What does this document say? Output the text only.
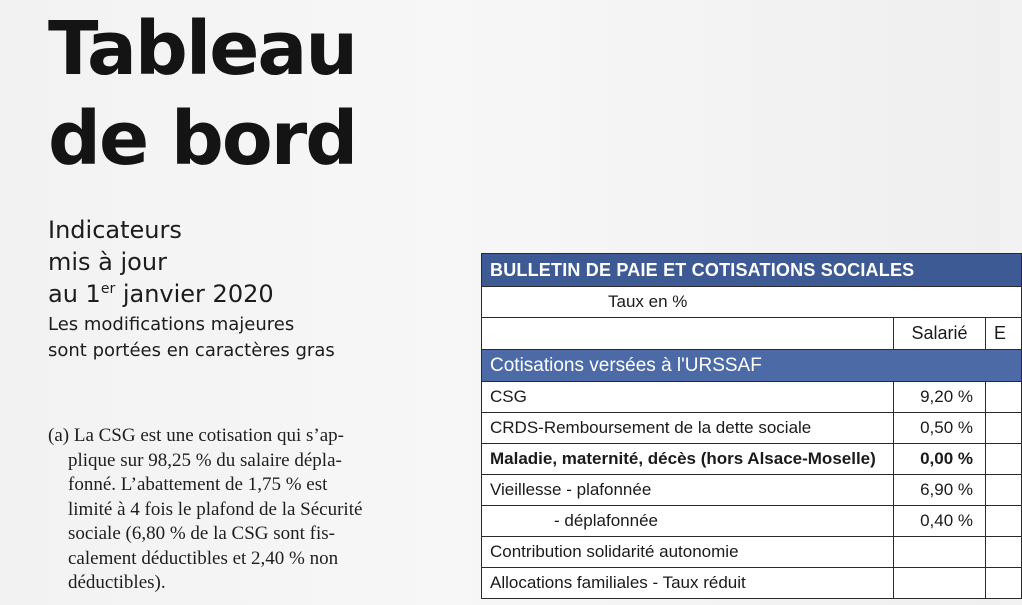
Tableau
de bord
Indicateurs
mis à jour
au 1er janvier 2020
Les modifications majeures
sont portées en caractères gras
(a) La CSG est une cotisation qui s’ap-
plique sur 98,25 % du salaire dépla-
fonné. L’abattement de 1,75 % est
limité à 4 fois le plafond de la Sécurité
sociale (6,80 % de la CSG sont fis-
calement déductibles et 2,40 % non
déductibles).
BULLETIN DE PAIE ET COTISATIONS SOCIALES		
Taux en %		
	Salarié	E
Cotisations versées à l'URSSAF		
CSG	9,20 %	
CRDS-Remboursement de la dette sociale	0,50 %	
Maladie, maternité, décès (hors Alsace-Moselle)	0,00 %	
Vieillesse - plafonnée	6,90 %	
- déplafonnée	0,40 %	
Contribution solidarité autonomie		
Allocations familiales - Taux réduit		
